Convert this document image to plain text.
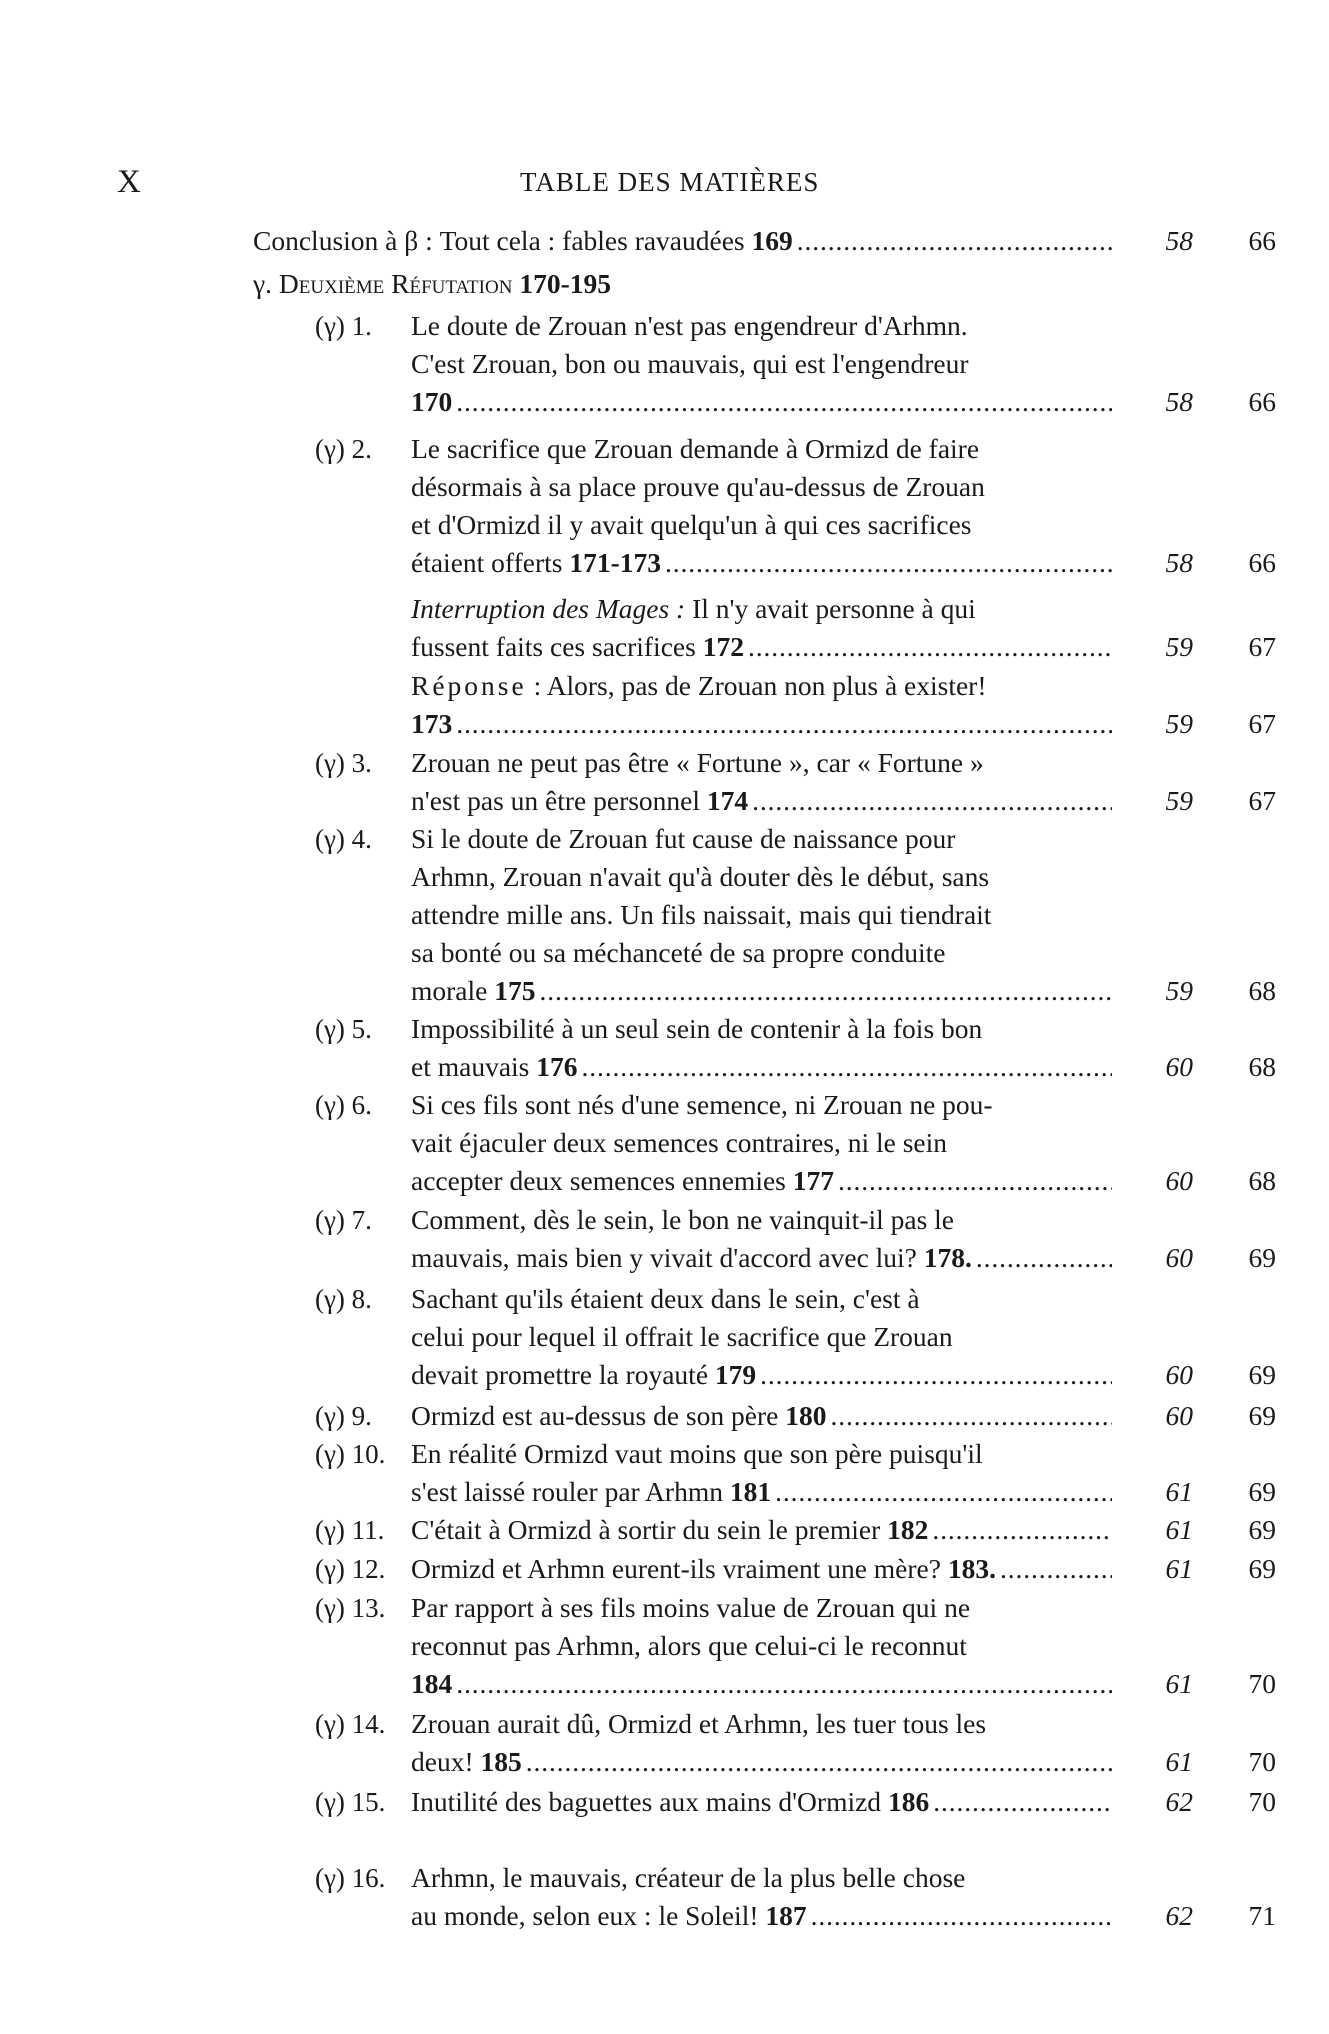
X	TABLE DES MATIÈRES
Conclusion à β : Tout cela : fables ravaudées 169 . . .	58	66
γ. Deuxième Réfutation 170-195
(γ) 1. Le doute de Zrouan n'est pas engendreur d'Arhmn.
C'est Zrouan, bon ou mauvais, qui est l'engendreur
170 . . .	58	66
(γ) 2. Le sacrifice que Zrouan demande à Ormizd de faire
désormais à sa place prouve qu'au-dessus de Zrouan
et d'Ormizd il y avait quelqu'un à qui ces sacrifices
étaient offerts 171-173 . . .	58	66
Interruption des Mages : Il n'y avait personne à qui
fussent faits ces sacrifices 172 . . .	59	67
Réponse : Alors, pas de Zrouan non plus à exister!
173 . . .	59	67
(γ) 3. Zrouan ne peut pas être « Fortune », car « Fortune »
n'est pas un être personnel 174 . . .	59	67
(γ) 4. Si le doute de Zrouan fut cause de naissance pour
Arhmn, Zrouan n'avait qu'à douter dès le début, sans
attendre mille ans. Un fils naissait, mais qui tiendrait
sa bonté ou sa méchanceté de sa propre conduite
morale 175 . . .	59	68
(γ) 5. Impossibilité à un seul sein de contenir à la fois bon
et mauvais 176 . . .	60	68
(γ) 6. Si ces fils sont nés d'une semence, ni Zrouan ne pou-
vait éjaculer deux semences contraires, ni le sein
accepter deux semences ennemies 177 . . .	60	68
(γ) 7. Comment, dès le sein, le bon ne vainquit-il pas le
mauvais, mais bien y vivait d'accord avec lui? 178. . . .	60	69
(γ) 8. Sachant qu'ils étaient deux dans le sein, c'est à
celui pour lequel il offrait le sacrifice que Zrouan
devait promettre la royauté 179 . . .	60	69
(γ) 9. Ormizd est au-dessus de son père 180 . . .	60	69
(γ) 10. En réalité Ormizd vaut moins que son père puisqu'il
s'est laissé rouler par Arhmn 181 . . .	61	69
(γ) 11. C'était à Ormizd à sortir du sein le premier 182 . . .	61	69
(γ) 12. Ormizd et Arhmn eurent-ils vraiment une mère? 183. . . .	61	69
(γ) 13. Par rapport à ses fils moins value de Zrouan qui ne
reconnut pas Arhmn, alors que celui-ci le reconnut
184 . . .	61	70
(γ) 14. Zrouan aurait dû, Ormizd et Arhmn, les tuer tous les
deux! 185 . . .	61	70
(γ) 15. Inutilité des baguettes aux mains d'Ormizd 186 . . .	62	70
(γ) 16. Arhmn, le mauvais, créateur de la plus belle chose
au monde, selon eux : le Soleil! 187 . . .	62	71
